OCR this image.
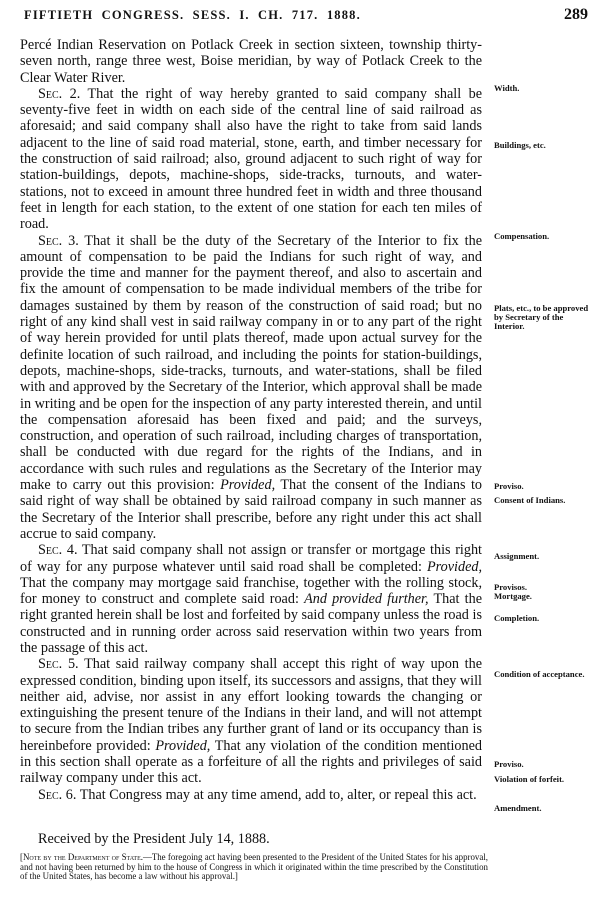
FIFTIETH CONGRESS. SESS. I. CH. 717. 1888.	289

Percé Indian Reservation on Potlack Creek in section sixteen, township thirty-seven north, range three west, Boise meridian, by way of Potlack Creek to the Clear Water River.

Sec. 2. That the right of way hereby granted to said company shall be seventy-five feet in width on each side of the central line of said railroad as aforesaid; and said company shall also have the right to take from said lands adjacent to the line of said road material, stone, earth, and timber necessary for the construction of said railroad; also, ground adjacent to such right of way for station-buildings, depots, machine-shops, side-tracks, turnouts, and water-stations, not to exceed in amount three hundred feet in width and three thousand feet in length for each station, to the extent of one station for each ten miles of road.

Sec. 3. That it shall be the duty of the Secretary of the Interior to fix the amount of compensation to be paid the Indians for such right of way, and provide the time and manner for the payment thereof, and also to ascertain and fix the amount of compensation to be made individual members of the tribe for damages sustained by them by reason of the construction of said road; but no right of any kind shall vest in said railway company in or to any part of the right of way herein provided for until plats thereof, made upon actual survey for the definite location of such railroad, and including the points for station-buildings, depots, machine-shops, side-tracks, turnouts, and water-stations, shall be filed with and approved by the Secretary of the Interior, which approval shall be made in writing and be open for the inspection of any party interested therein, and until the compensation aforesaid has been fixed and paid; and the surveys, construction, and operation of such railroad, including charges of transportation, shall be conducted with due regard for the rights of the Indians, and in accordance with such rules and regulations as the Secretary of the Interior may make to carry out this provision: Provided, That the consent of the Indians to said right of way shall be obtained by said railroad company in such manner as the Secretary of the Interior shall prescribe, before any right under this act shall accrue to said company.

Sec. 4. That said company shall not assign or transfer or mortgage this right of way for any purpose whatever until said road shall be completed: Provided, That the company may mortgage said franchise, together with the rolling stock, for money to construct and complete said road: And provided further, That the right granted herein shall be lost and forfeited by said company unless the road is constructed and in running order across said reservation within two years from the passage of this act.

Sec. 5. That said railway company shall accept this right of way upon the expressed condition, binding upon itself, its successors and assigns, that they will neither aid, advise, nor assist in any effort looking towards the changing or extinguishing the present tenure of the Indians in their land, and will not attempt to secure from the Indian tribes any further grant of land or its occupancy than is hereinbefore provided: Provided, That any violation of the condition mentioned in this section shall operate as a forfeiture of all the rights and privileges of said railway company under this act.

Sec. 6. That Congress may at any time amend, add to, alter, or repeal this act.

Received by the President July 14, 1888.
[Note by the Department of State.—The foregoing act having been presented to the President of the United States for his approval, and not having been returned by him to the house of Congress in which it originated within the time prescribed by the Constitution of the United States, has become a law without his approval.]
Width.
Buildings, etc.
Compensation.
Plats, etc., to be approved by Secretary of the Interior.
Proviso.
Consent of Indians.
Assignment.
Provisos.
Mortgage.
Completion.
Condition of acceptance.
Proviso.
Violation of forfeit.
Amendment.
